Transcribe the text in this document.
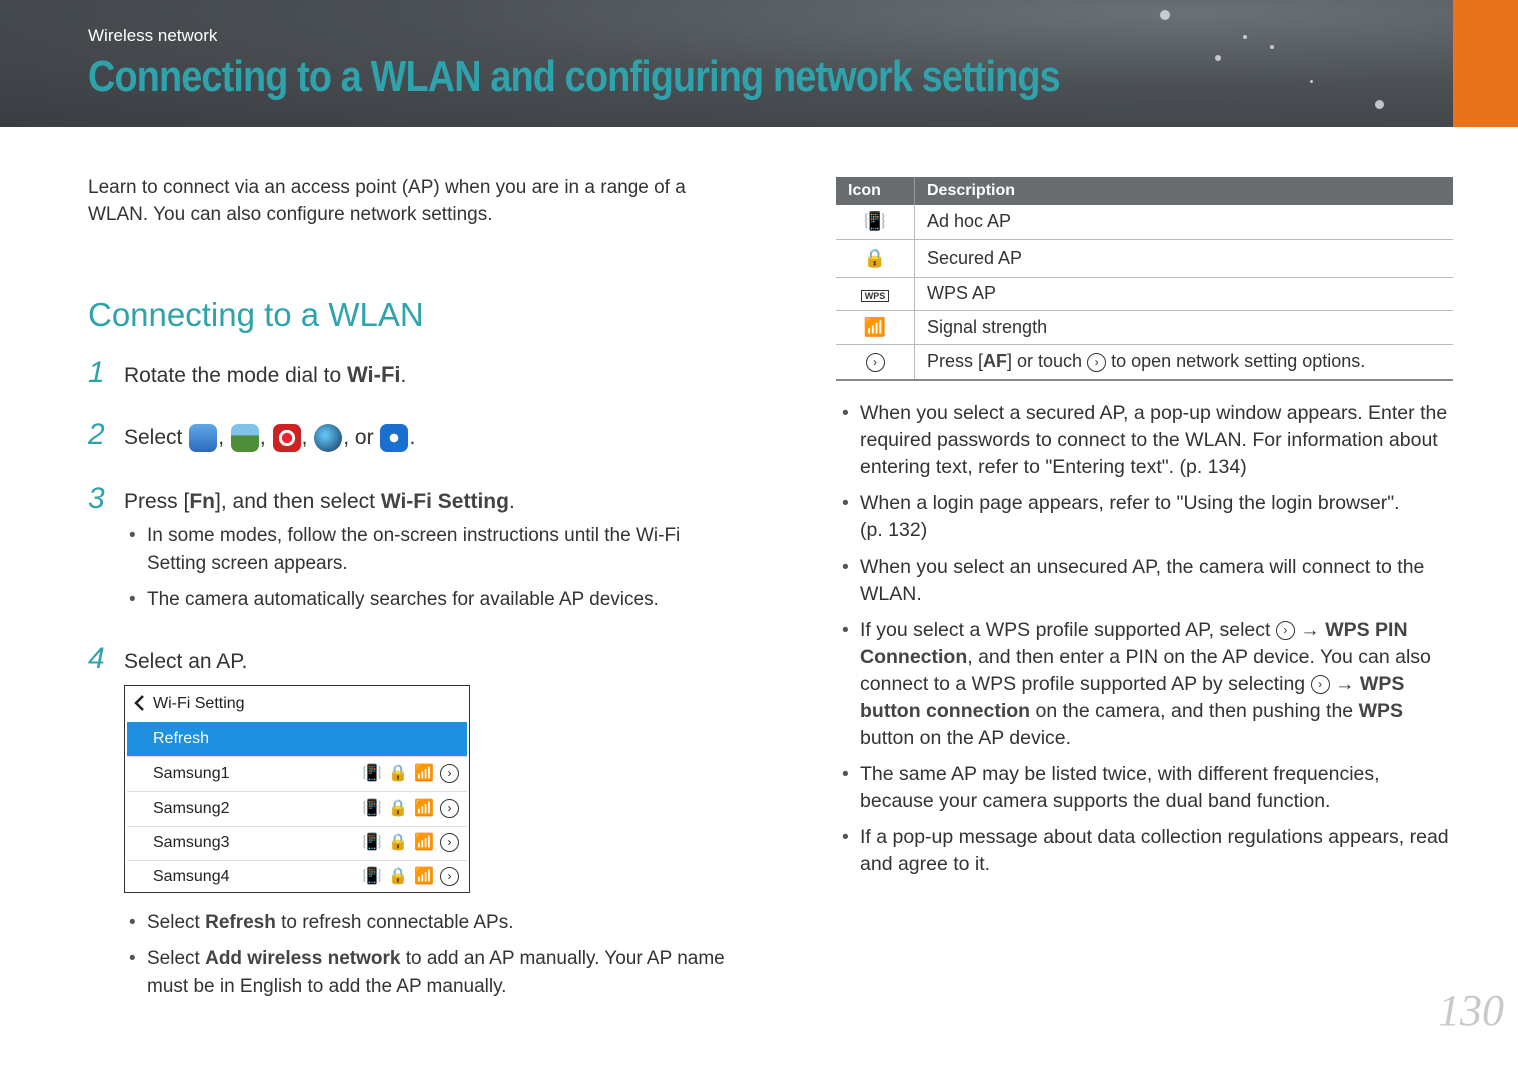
Wireless network
Connecting to a WLAN and configuring network settings
Learn to connect via an access point (AP) when you are in a range of a WLAN. You can also configure network settings.
Connecting to a WLAN
1 Rotate the mode dial to Wi-Fi.
2 Select , , , , or .
3 Press [Fn], and then select Wi-Fi Setting.
• In some modes, follow the on-screen instructions until the Wi-Fi Setting screen appears.
• The camera automatically searches for available AP devices.
4 Select an AP.
Wi-Fi Setting
Refresh
Samsung1	📳 🔒 📶	›
Samsung2	📳 🔒 📶	›
Samsung3	📳 🔒 📶	›
Samsung4	📳 🔒 📶	›
• Select Refresh to refresh connectable APs.
• Select Add wireless network to add an AP manually. Your AP name must be in English to add the AP manually.
Icon	Description
📳	Ad hoc AP
🔒	Secured AP
WPS	WPS AP
📶	Signal strength
›	Press [AF] or touch › to open network setting options.
• When you select a secured AP, a pop-up window appears. Enter the required passwords to connect to the WLAN. For information about entering text, refer to "Entering text". (p. 134)
• When a login page appears, refer to "Using the login browser". (p. 132)
• When you select an unsecured AP, the camera will connect to the WLAN.
• If you select a WPS profile supported AP, select › → WPS PIN Connection, and then enter a PIN on the AP device. You can also connect to a WPS profile supported AP by selecting › → WPS button connection on the camera, and then pushing the WPS button on the AP device.
• The same AP may be listed twice, with different frequencies, because your camera supports the dual band function.
• If a pop-up message about data collection regulations appears, read and agree to it.
130
